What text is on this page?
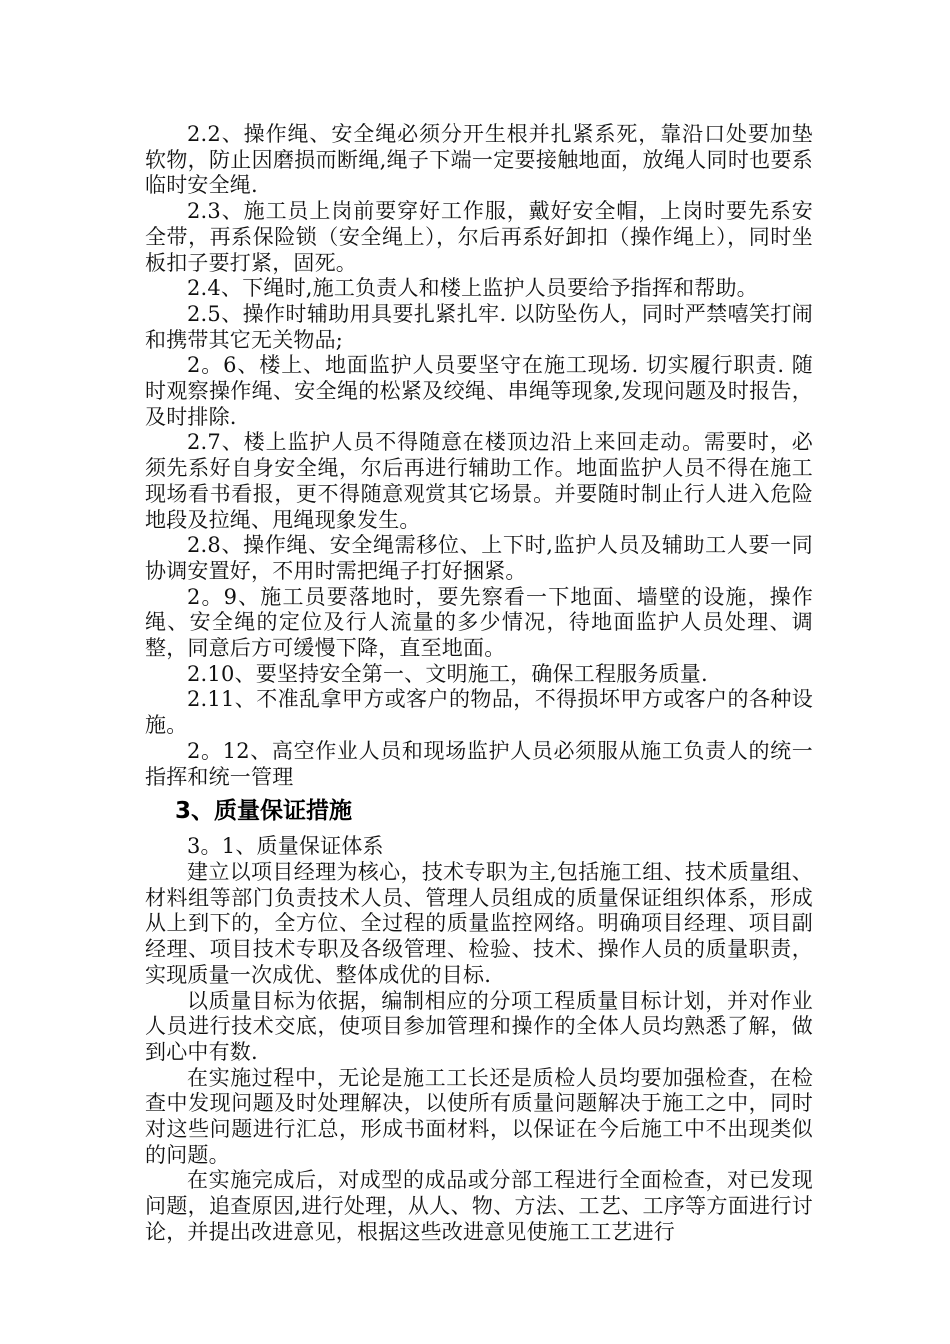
2.2、操作绳、安全绳必须分开生根并扎紧系死，靠沿口处要加垫软物，防止因磨损而断绳,绳子下端一定要接触地面，放绳人同时也要系临时安全绳.

2.3、施工员上岗前要穿好工作服，戴好安全帽，上岗时要先系安全带，再系保险锁（安全绳上），尔后再系好卸扣（操作绳上），同时坐板扣子要打紧，固死。

2.4、下绳时,施工负责人和楼上监护人员要给予指挥和帮助。

2.5、操作时辅助用具要扎紧扎牢. 以防坠伤人，同时严禁嘻笑打闹和携带其它无关物品;

2。6、楼上、地面监护人员要坚守在施工现场. 切实履行职责. 随时观察操作绳、安全绳的松紧及绞绳、串绳等现象,发现问题及时报告，及时排除.

2.7、楼上监护人员不得随意在楼顶边沿上来回走动。需要时，必须先系好自身安全绳，尔后再进行辅助工作。地面监护人员不得在施工现场看书看报，更不得随意观赏其它场景。并要随时制止行人进入危险地段及拉绳、甩绳现象发生。

2.8、操作绳、安全绳需移位、上下时,监护人员及辅助工人要一同协调安置好，不用时需把绳子打好捆紧。

2。9、施工员要落地时，要先察看一下地面、墙壁的设施，操作绳、安全绳的定位及行人流量的多少情况，待地面监护人员处理、调整，同意后方可缓慢下降，直至地面。

2.10、要坚持安全第一、文明施工，确保工程服务质量.

2.11、不准乱拿甲方或客户的物品，不得损坏甲方或客户的各种设施。

2。12、高空作业人员和现场监护人员必须服从施工负责人的统一指挥和统一管理

3、质量保证措施

3。1、质量保证体系

建立以项目经理为核心，技术专职为主,包括施工组、技术质量组、材料组等部门负责技术人员、管理人员组成的质量保证组织体系，形成从上到下的，全方位、全过程的质量监控网络。明确项目经理、项目副经理、项目技术专职及各级管理、检验、技术、操作人员的质量职责，实现质量一次成优、整体成优的目标.

以质量目标为依据，编制相应的分项工程质量目标计划，并对作业人员进行技术交底，使项目参加管理和操作的全体人员均熟悉了解，做到心中有数.

在实施过程中，无论是施工工长还是质检人员均要加强检查，在检查中发现问题及时处理解决，以使所有质量问题解决于施工之中，同时对这些问题进行汇总，形成书面材料，以保证在今后施工中不出现类似的问题。

在实施完成后，对成型的成品或分部工程进行全面检查，对已发现问题，追查原因,进行处理，从人、物、方法、工艺、工序等方面进行讨论，并提出改进意见，根据这些改进意见使施工工艺进行
